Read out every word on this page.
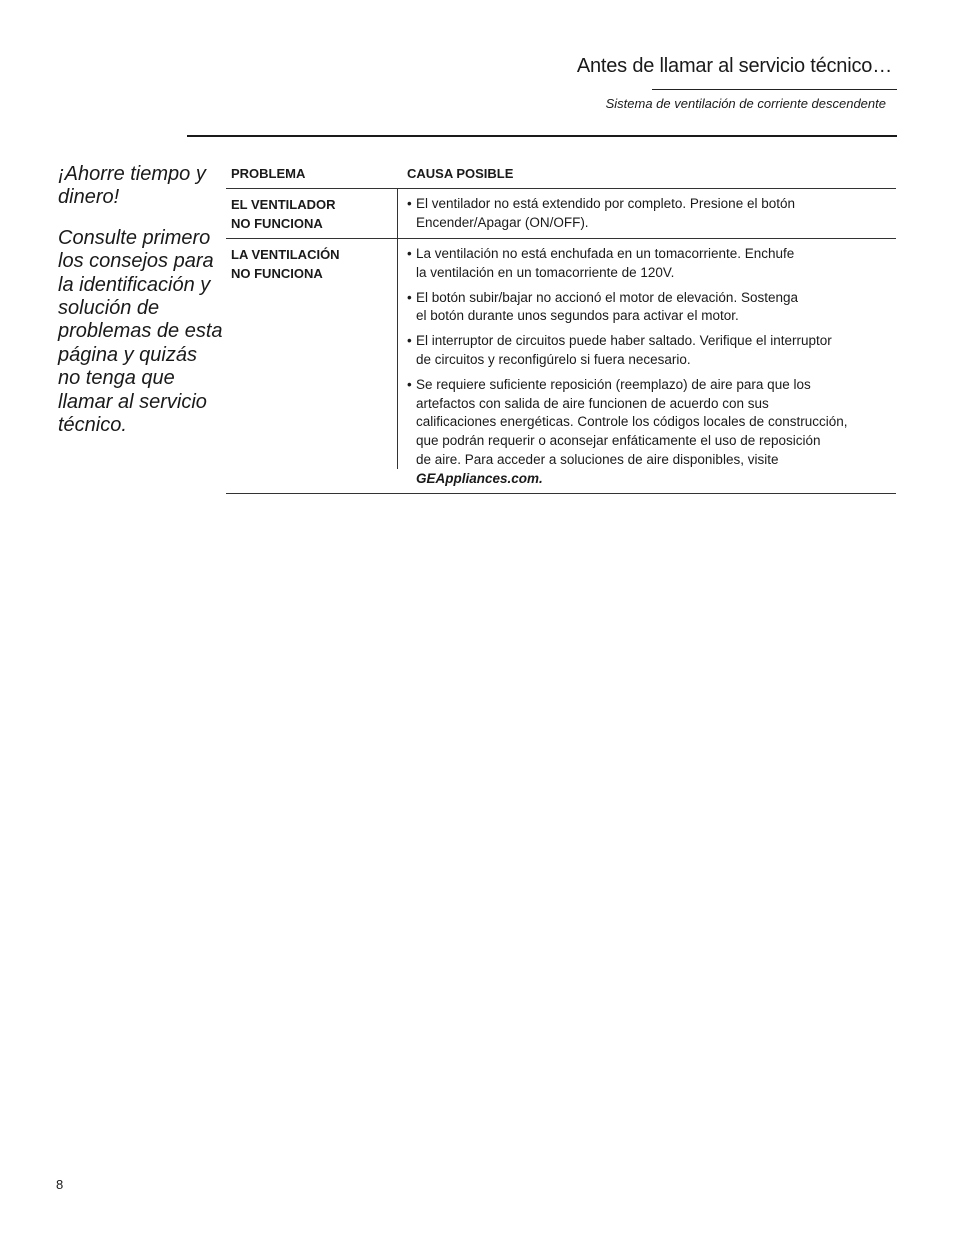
Antes de llamar al servicio técnico…
Sistema de ventilación de corriente descendente

¡Ahorre tiempo y dinero!

Consulte primero los consejos para la identificación y solución de problemas de esta página y quizás no tenga que llamar al servicio técnico.

PROBLEMA	CAUSA POSIBLE
EL VENTILADOR
NO FUNCIONA
• El ventilador no está extendido por completo. Presione el botón
Encender/Apagar (ON/OFF).
LA VENTILACIÓN
NO FUNCIONA
• La ventilación no está enchufada en un tomacorriente. Enchufe
la ventilación en un tomacorriente de 120V.
• El botón subir/bajar no accionó el motor de elevación. Sostenga
el botón durante unos segundos para activar el motor.
• El interruptor de circuitos puede haber saltado. Verifique el interruptor
de circuitos y reconfigúrelo si fuera necesario.
• Se requiere suficiente reposición (reemplazo) de aire para que los
artefactos con salida de aire funcionen de acuerdo con sus
calificaciones energéticas. Controle los códigos locales de construcción,
que podrán requerir o aconsejar enfáticamente el uso de reposición
de aire. Para acceder a soluciones de aire disponibles, visite
GEAppliances.com.
8
